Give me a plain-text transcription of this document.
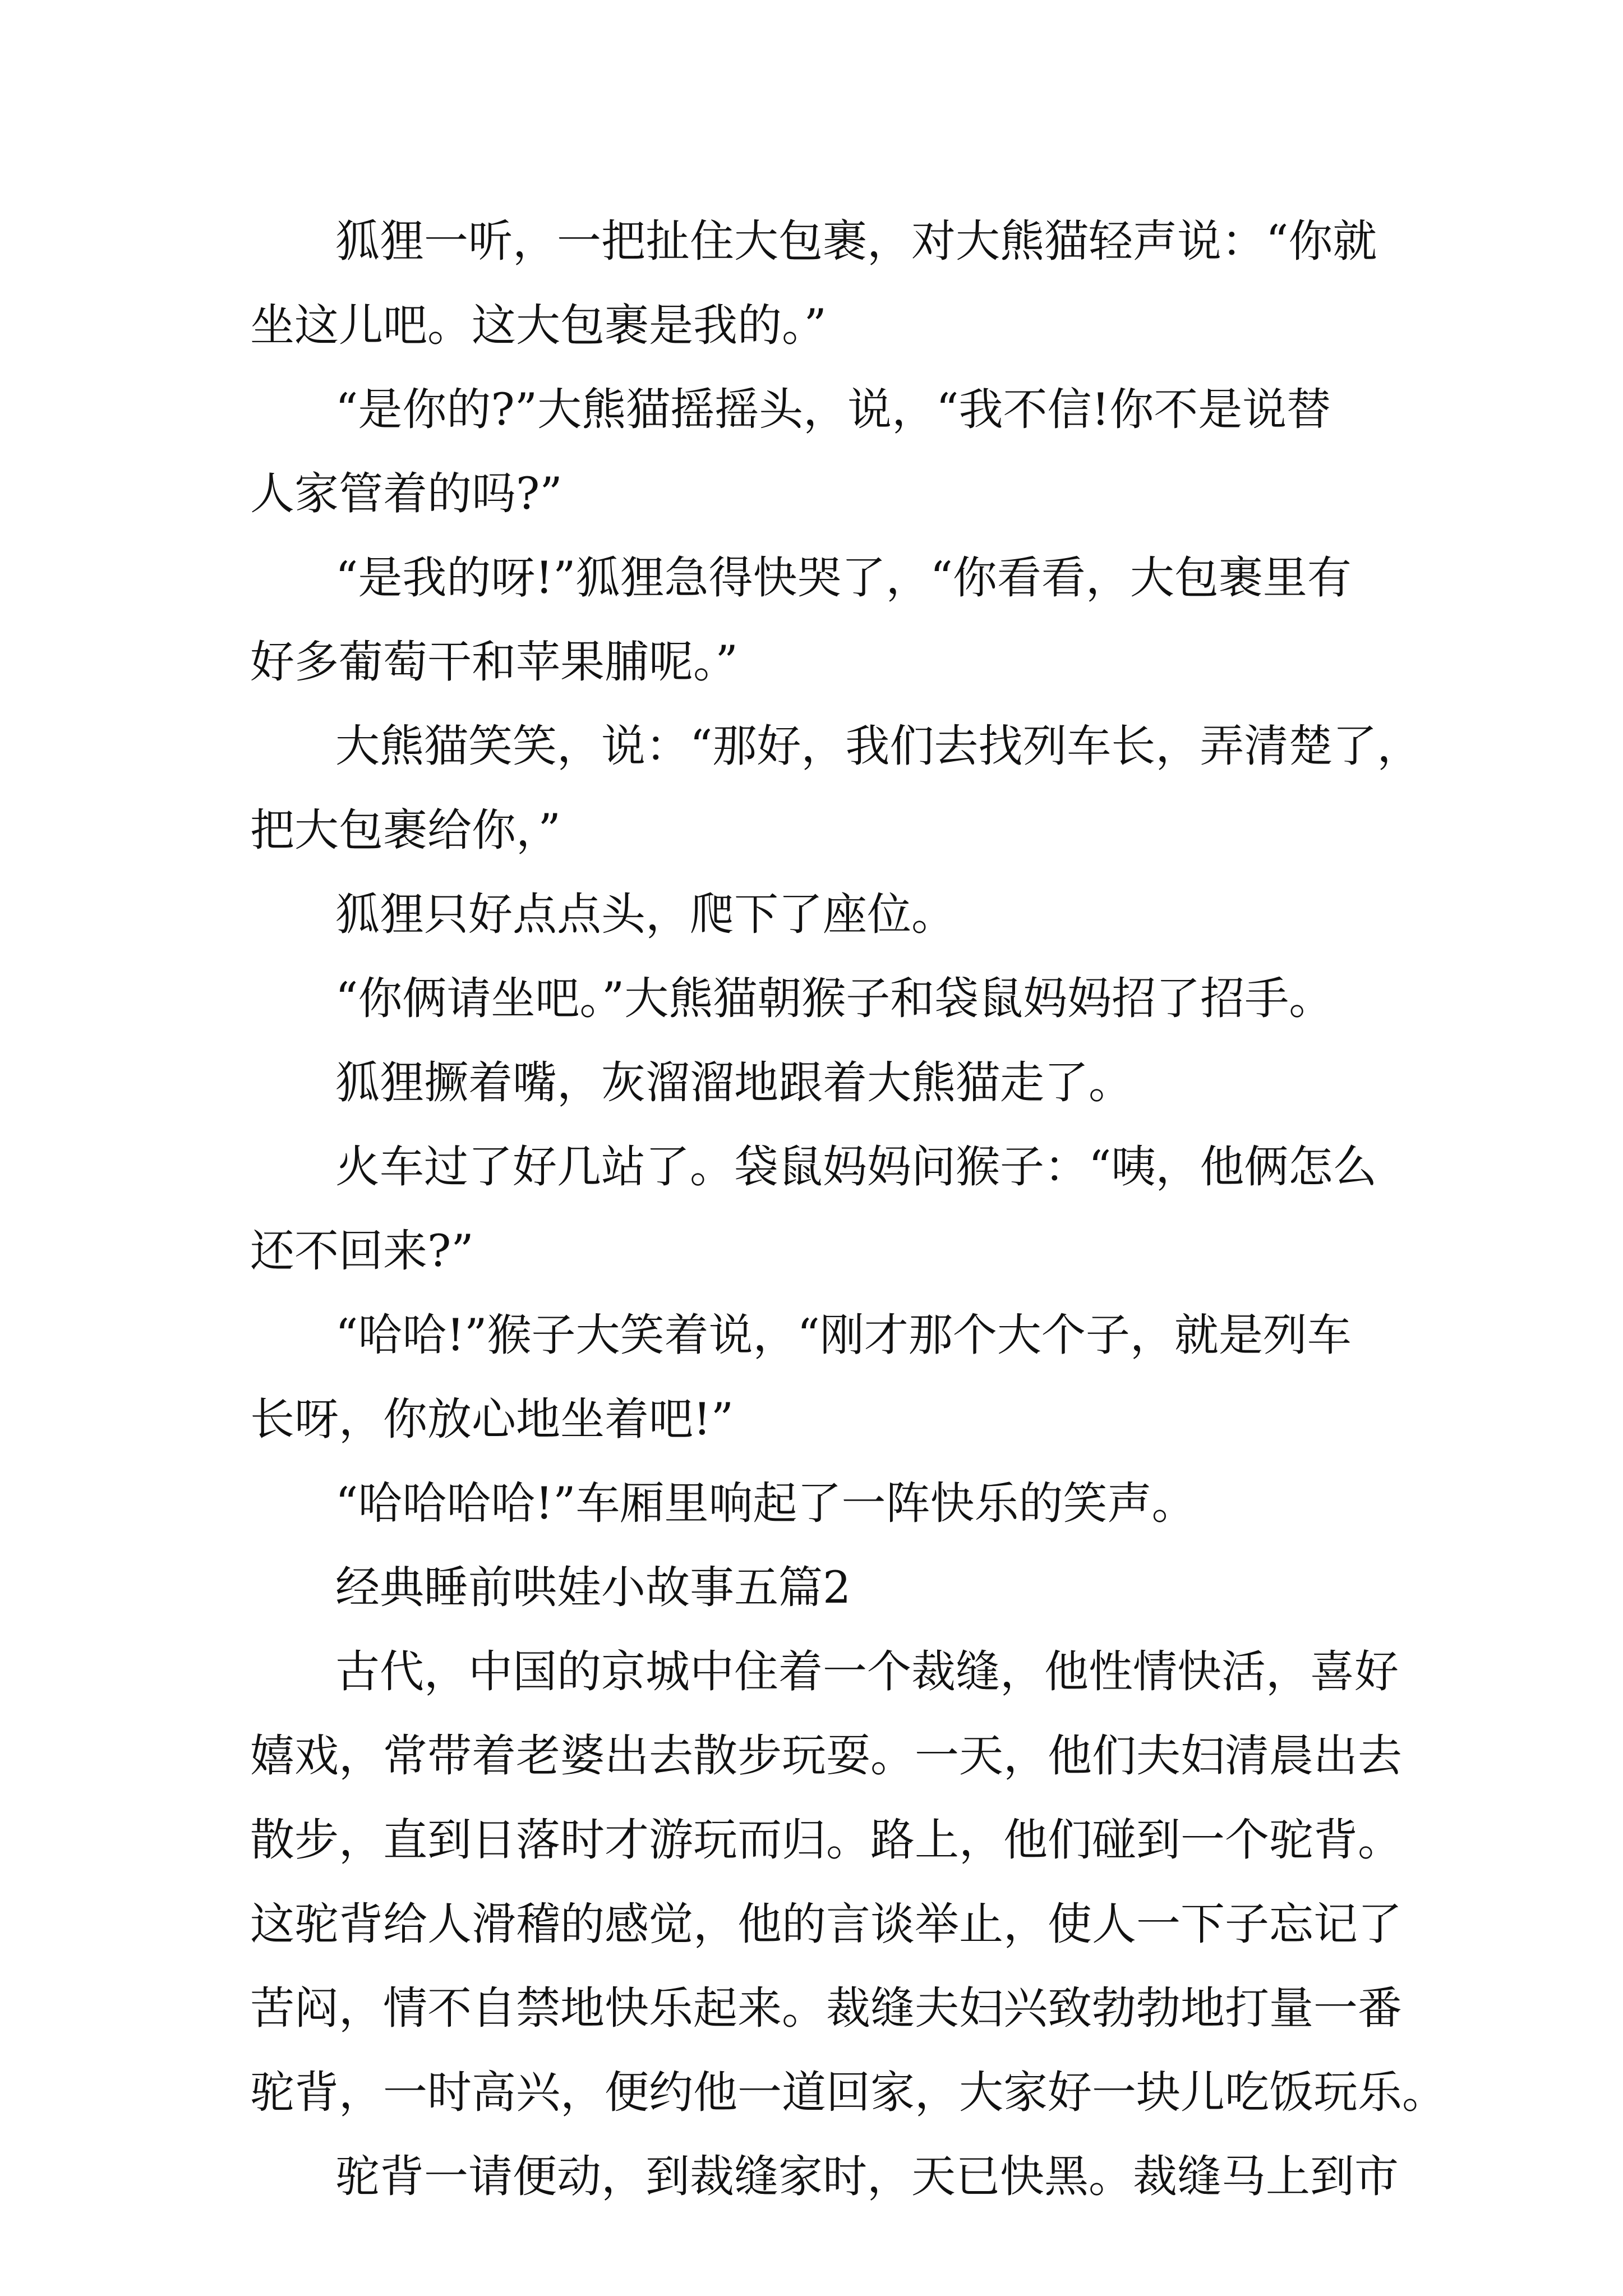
狐狸一听，一把扯住大包裹，对大熊猫轻声说：“你就
坐这儿吧。这大包裹是我的。”
“是你的?”大熊猫摇摇头，说，“我不信!你不是说替
人家管着的吗?”
“是我的呀!”狐狸急得快哭了，“你看看，大包裹里有
好多葡萄干和苹果脯呢。”
大熊猫笑笑，说：“那好，我们去找列车长，弄清楚了，
把大包裹给你，”
狐狸只好点点头，爬下了座位。
“你俩请坐吧。”大熊猫朝猴子和袋鼠妈妈招了招手。
狐狸撅着嘴，灰溜溜地跟着大熊猫走了。
火车过了好几站了。袋鼠妈妈问猴子：“咦，他俩怎么
还不回来?”
“哈哈!”猴子大笑着说，“刚才那个大个子，就是列车
长呀，你放心地坐着吧!”
“哈哈哈哈!”车厢里响起了一阵快乐的笑声。
经典睡前哄娃小故事五篇2
古代，中国的京城中住着一个裁缝，他性情快活，喜好
嬉戏，常带着老婆出去散步玩耍。一天，他们夫妇清晨出去
散步，直到日落时才游玩而归。路上，他们碰到一个驼背。
这驼背给人滑稽的感觉，他的言谈举止，使人一下子忘记了
苦闷，情不自禁地快乐起来。裁缝夫妇兴致勃勃地打量一番
驼背，一时高兴，便约他一道回家，大家好一块儿吃饭玩乐。
驼背一请便动，到裁缝家时，天已快黑。裁缝马上到市
